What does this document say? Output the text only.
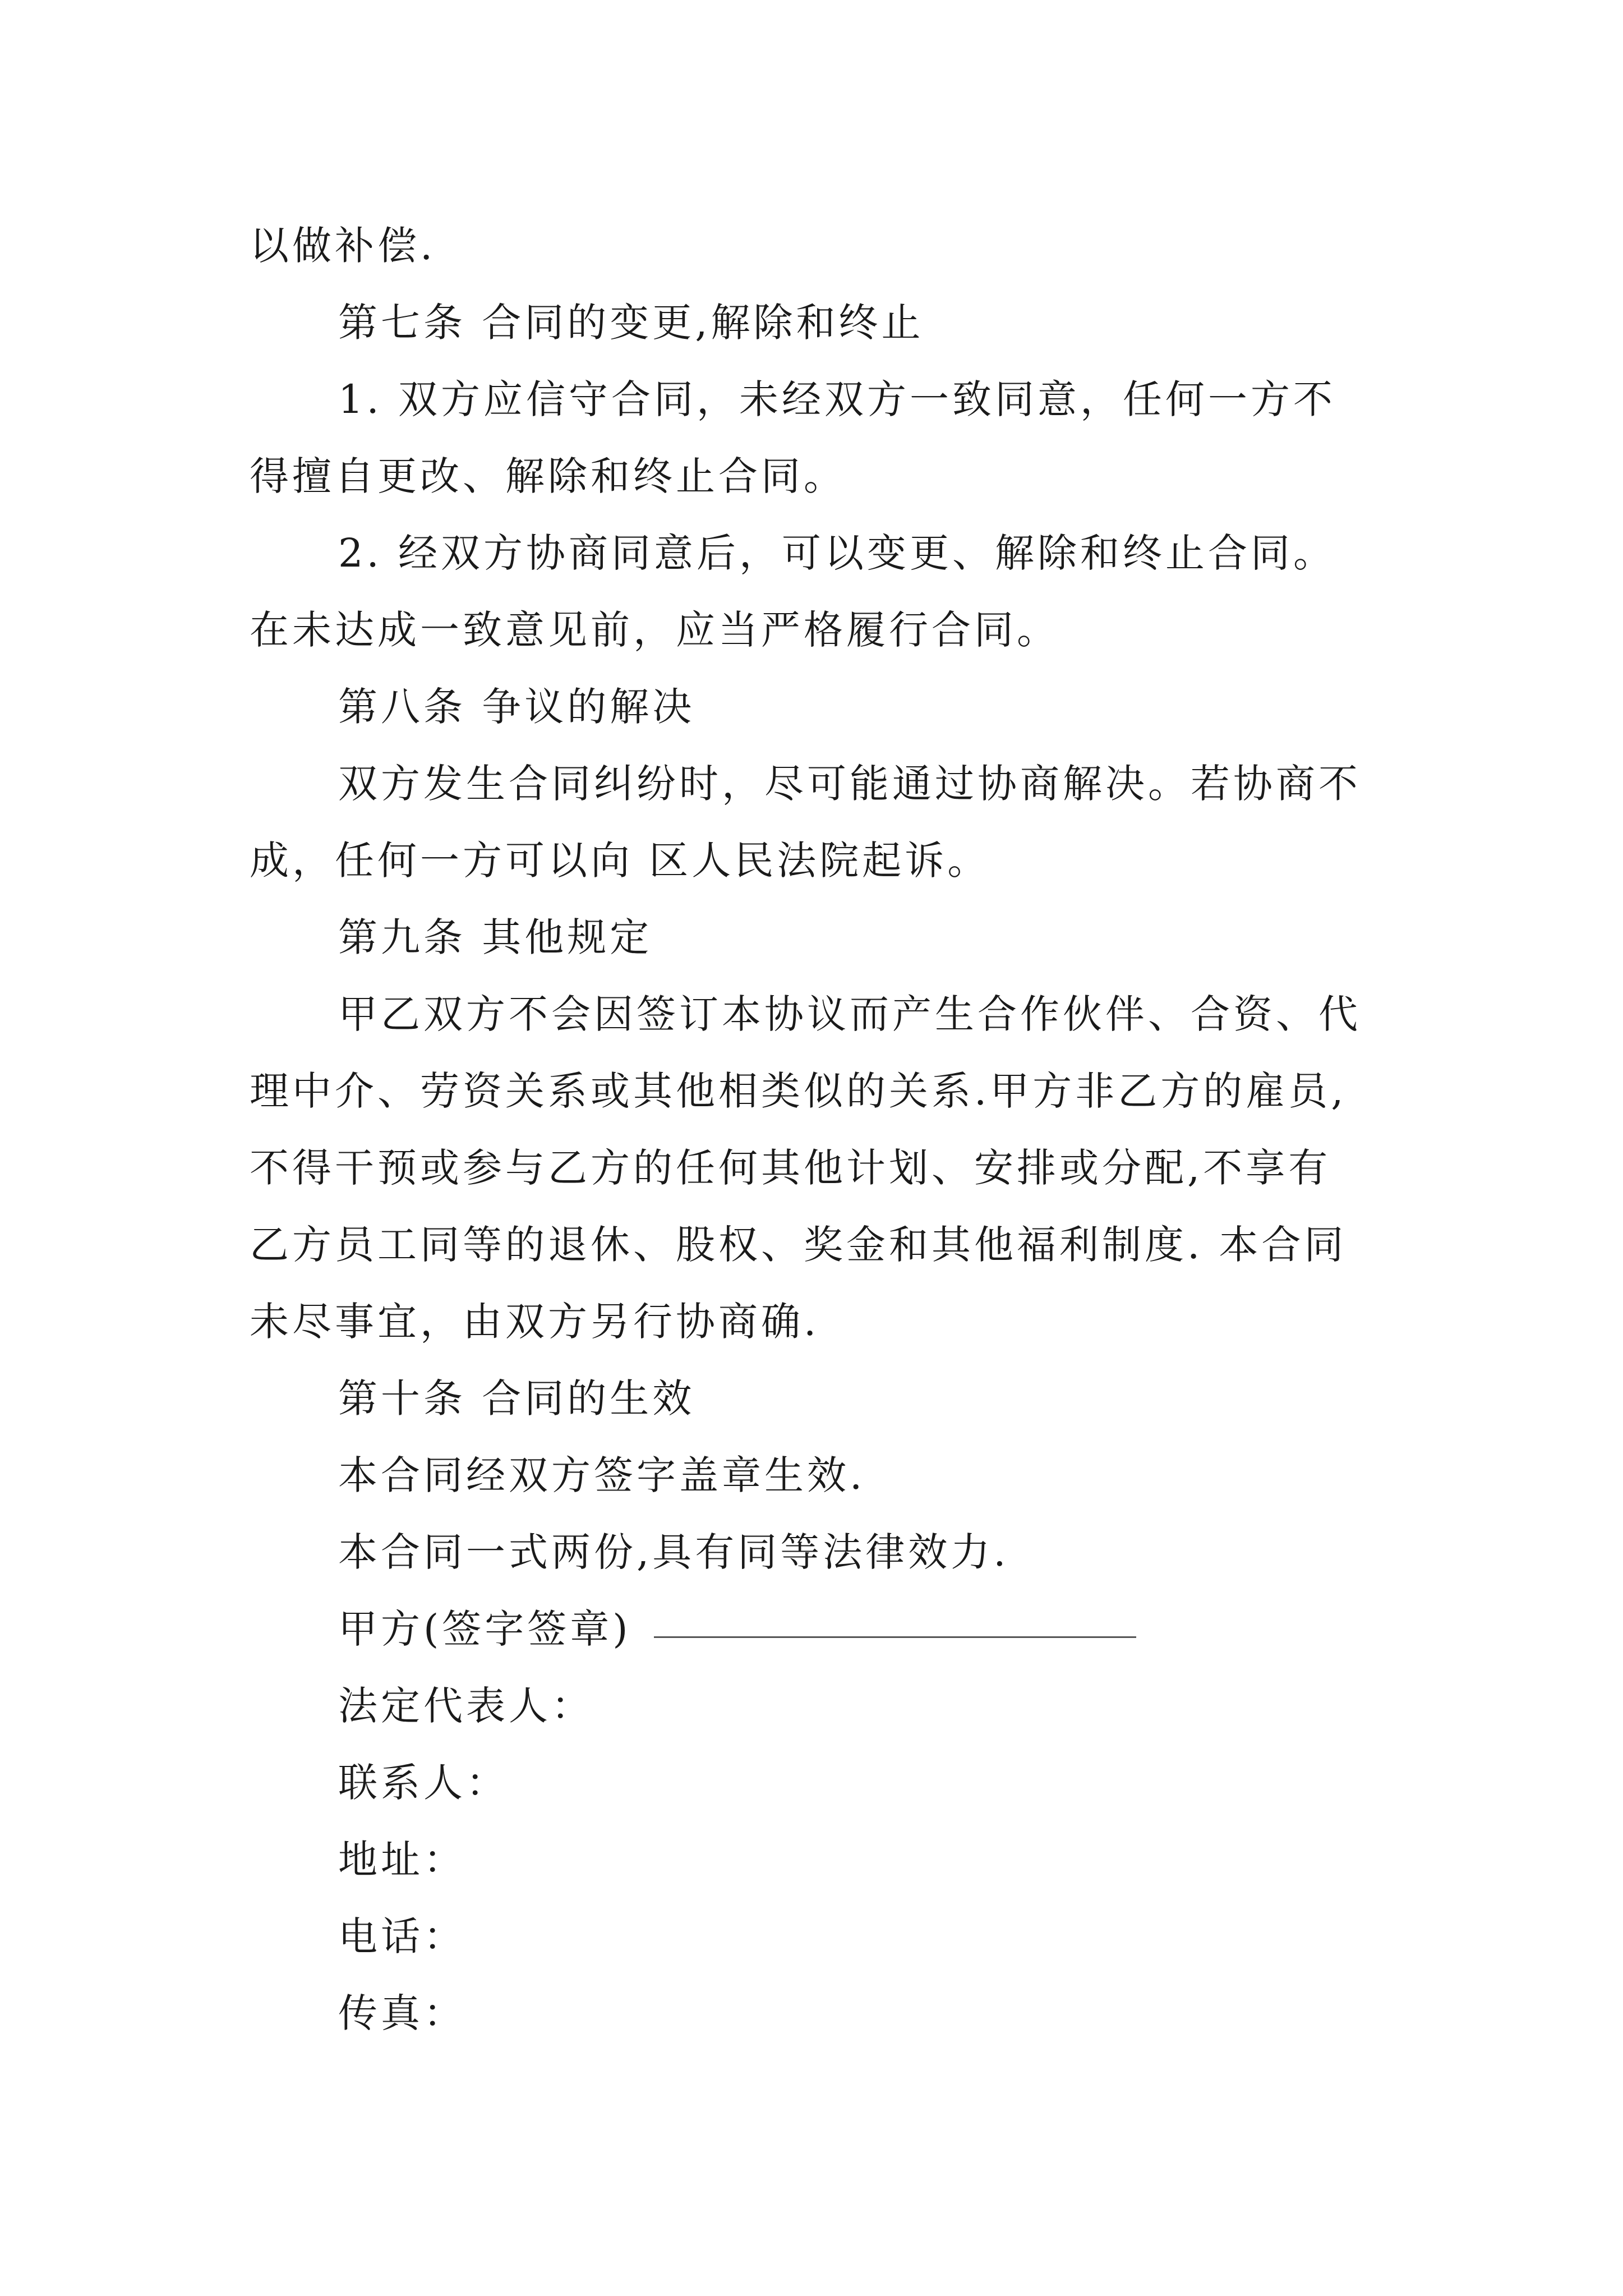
以做补偿.
第七条 合同的变更,解除和终止
1. 双方应信守合同，未经双方一致同意，任何一方不
得擅自更改、解除和终止合同。
2. 经双方协商同意后，可以变更、解除和终止合同。
在未达成一致意见前，应当严格履行合同。
第八条 争议的解决
双方发生合同纠纷时，尽可能通过协商解决。若协商不
成，任何一方可以向 区人民法院起诉。
第九条 其他规定
甲乙双方不会因签订本协议而产生合作伙伴、合资、代
理中介、劳资关系或其他相类似的关系.甲方非乙方的雇员,
不得干预或参与乙方的任何其他计划、安排或分配,不享有
乙方员工同等的退休、股权、奖金和其他福利制度. 本合同
未尽事宜，由双方另行协商确.
第十条 合同的生效
本合同经双方签字盖章生效.
本合同一式两份,具有同等法律效力.
甲方(签字签章)
法定代表人：
联系人：
地址：
电话：
传真：
